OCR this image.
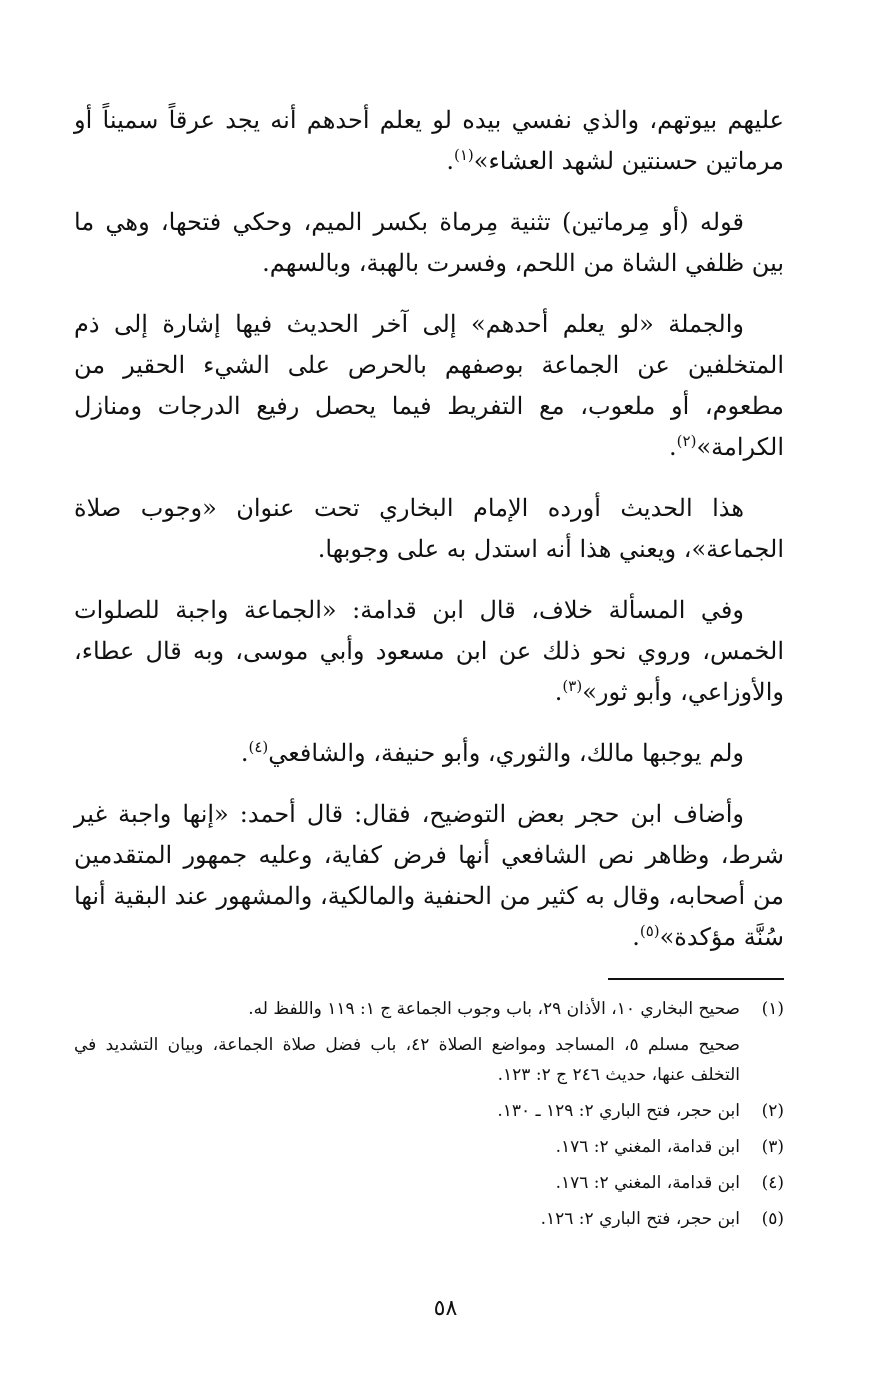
عليهم بيوتهم، والذي نفسي بيده لو يعلم أحدهم أنه يجد عرقاً سميناً أو مرماتين حسنتين لشهد العشاء»$^{(١)}$.

قوله (أو مِرماتين) تثنية مِرماة بكسر الميم، وحكي فتحها، وهي ما بين ظلفي الشاة من اللحم، وفسرت بالهبة، وبالسهم.

والجملة «لو يعلم أحدهم» إلى آخر الحديث فيها إشارة إلى ذم المتخلفين عن الجماعة بوصفهم بالحرص على الشيء الحقير من مطعوم، أو ملعوب، مع التفريط فيما يحصل رفيع الدرجات ومنازل الكرامة»$^{(٢)}$.

هذا الحديث أورده الإمام البخاري تحت عنوان «وجوب صلاة الجماعة»، ويعني هذا أنه استدل به على وجوبها.

وفي المسألة خلاف، قال ابن قدامة: «الجماعة واجبة للصلوات الخمس، وروي نحو ذلك عن ابن مسعود وأبي موسى، وبه قال عطاء، والأوزاعي، وأبو ثور»$^{(٣)}$.

ولم يوجبها مالك، والثوري، وأبو حنيفة، والشافعي$^{(٤)}$.

وأضاف ابن حجر بعض التوضيح، فقال: قال أحمد: «إنها واجبة غير شرط، وظاهر نص الشافعي أنها فرض كفاية، وعليه جمهور المتقدمين من أصحابه، وقال به كثير من الحنفية والمالكية، والمشهور عند البقية أنها سُنَّة مؤكدة»$^{(٥)}$.

(١)
صحيح البخاري ١٠، الأذان ٢٩، باب وجوب الجماعة ج ١: ١١٩ واللفظ له.
صحيح مسلم ٥، المساجد ومواضع الصلاة ٤٢، باب فضل صلاة الجماعة، وبيان التشديد في التخلف عنها، حديث ٢٤٦ ج ٢: ١٢٣.
(٢)
ابن حجر، فتح الباري ٢: ١٢٩ ـ ١٣٠.
(٣)
ابن قدامة، المغني ٢: ١٧٦.
(٤)
ابن قدامة، المغني ٢: ١٧٦.
(٥)
ابن حجر، فتح الباري ٢: ١٢٦.
٥٨
